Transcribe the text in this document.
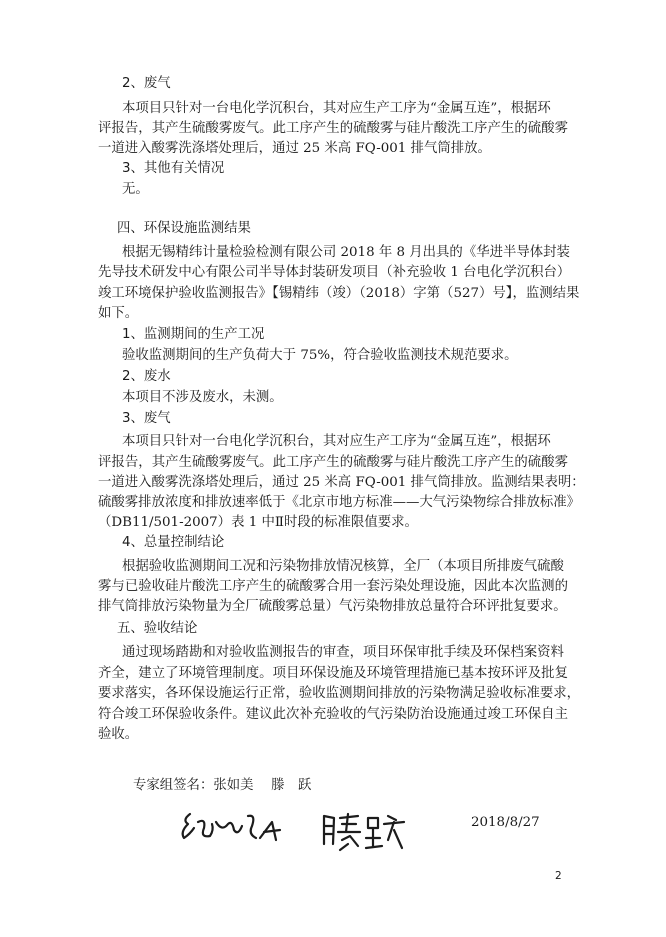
2、废气
本项目只针对一台电化学沉积台，其对应生产工序为“金属互连”，根据环
评报告，其产生硫酸雾废气。此工序产生的硫酸雾与硅片酸洗工序产生的硫酸雾
一道进入酸雾洗涤塔处理后，通过 25 米高 FQ-001 排气筒排放。
3、其他有关情况
无。
四、环保设施监测结果
根据无锡精纬计量检验检测有限公司 2018 年 8 月出具的《华进半导体封装
先导技术研发中心有限公司半导体封装研发项目（补充验收 1 台电化学沉积台）
竣工环境保护验收监测报告》【锡精纬（竣）（2018）字第（527）号】，监测结果
如下。
1、监测期间的生产工况
验收监测期间的生产负荷大于 75%，符合验收监测技术规范要求。
2、废水
本项目不涉及废水，未测。
3、废气
本项目只针对一台电化学沉积台，其对应生产工序为“金属互连”，根据环
评报告，其产生硫酸雾废气。此工序产生的硫酸雾与硅片酸洗工序产生的硫酸雾
一道进入酸雾洗涤塔处理后，通过 25 米高 FQ-001 排气筒排放。监测结果表明：
硫酸雾排放浓度和排放速率低于《北京市地方标准——大气污染物综合排放标准》
（DB11/501-2007）表 1 中Ⅱ时段的标准限值要求。
4、总量控制结论
根据验收监测期间工况和污染物排放情况核算，全厂（本项目所排废气硫酸
雾与已验收硅片酸洗工序产生的硫酸雾合用一套污染处理设施，因此本次监测的
排气筒排放污染物量为全厂硫酸雾总量）气污染物排放总量符合环评批复要求。
五、验收结论
通过现场踏勘和对验收监测报告的审查，项目环保审批手续及环保档案资料
齐全，建立了环境管理制度。项目环保设施及环境管理措施已基本按环评及批复
要求落实，各环保设施运行正常，验收监测期间排放的污染物满足验收标准要求，
符合竣工环保验收条件。建议此次补充验收的气污染防治设施通过竣工环保自主
验收。
专家组签名：张如美　 滕　跃
2018/8/27
2
